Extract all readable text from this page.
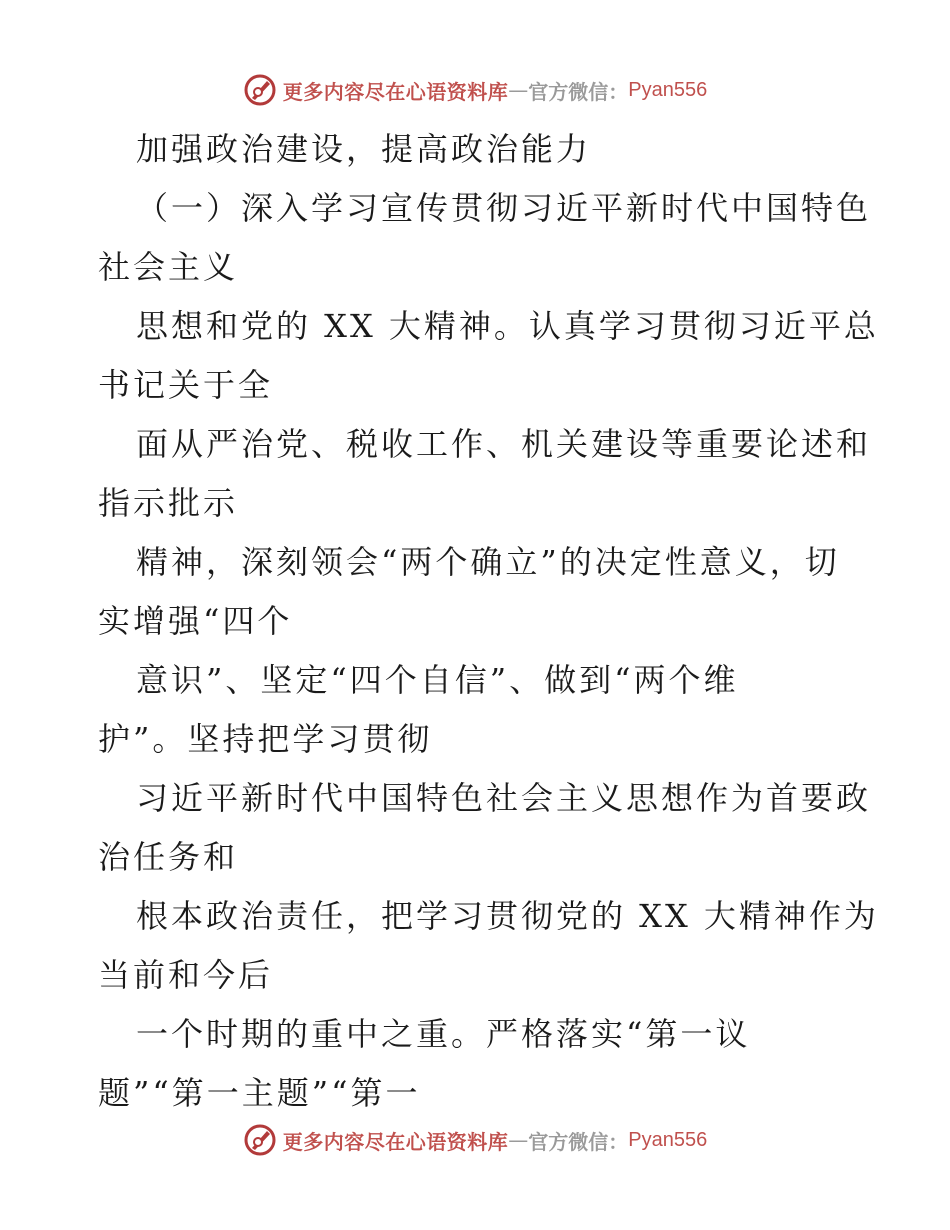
更多内容尽在心语资料库 — 官方微信： Pyan556
加强政治建设，提高政治能力
（一）深入学习宣传贯彻习近平新时代中国特色
社会主义
思想和党的 XX 大精神。认真学习贯彻习近平总
书记关于全
面从严治党、税收工作、机关建设等重要论述和
指示批示
精神，深刻领会“两个确立”的决定性意义，切
实增强“四个
意识”、坚定“四个自信”、做到“两个维
护”。坚持把学习贯彻
习近平新时代中国特色社会主义思想作为首要政
治任务和
根本政治责任，把学习贯彻党的 XX 大精神作为
当前和今后
一个时期的重中之重。严格落实“第一议
题”“第一主题”“第一
更多内容尽在心语资料库 — 官方微信： Pyan556
